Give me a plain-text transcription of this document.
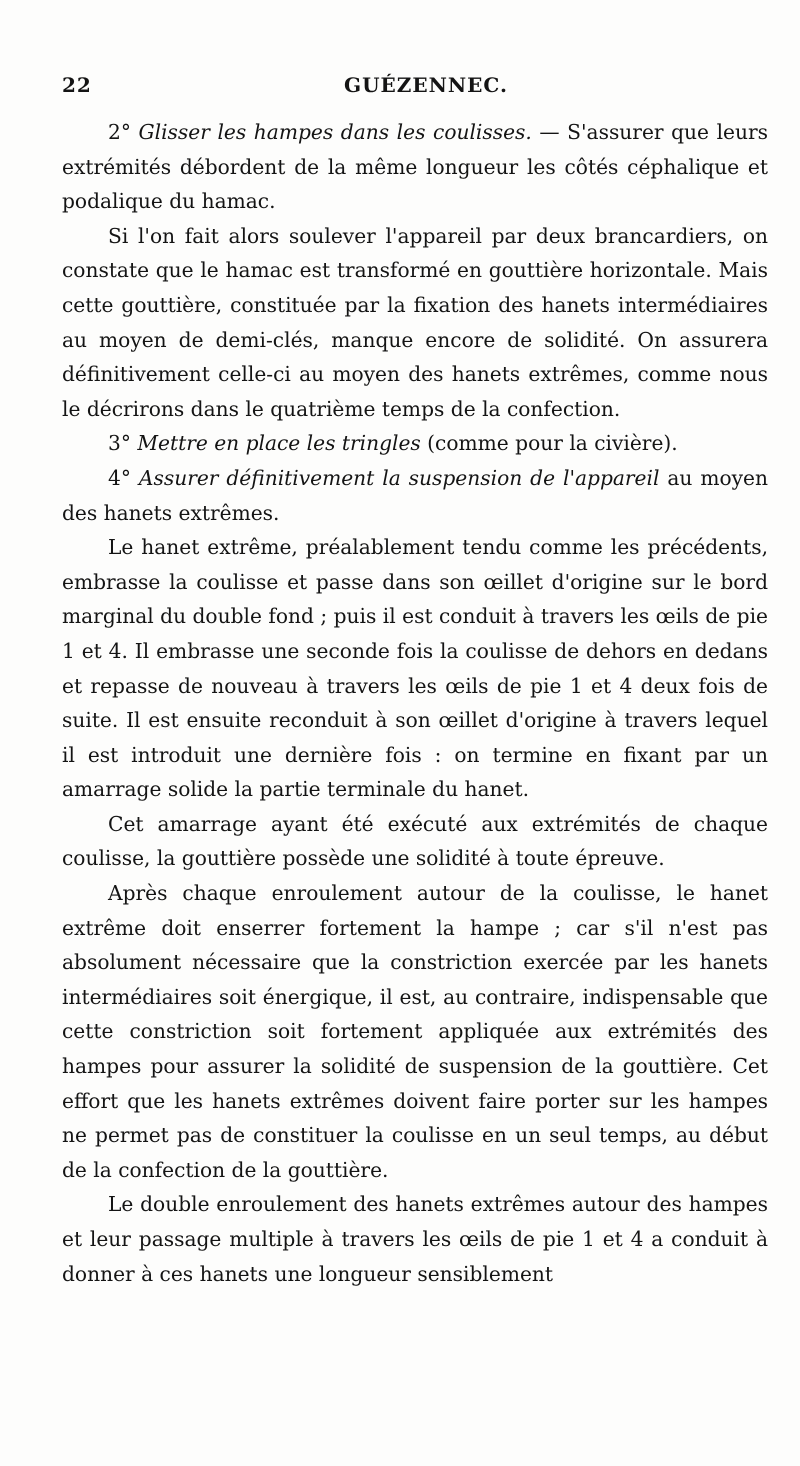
22	GUÉZENNEC.

2° Glisser les hampes dans les coulisses. — S'assurer que leurs extrémités débordent de la même longueur les côtés céphalique et podalique du hamac.

Si l'on fait alors soulever l'appareil par deux brancardiers, on constate que le hamac est transformé en gouttière horizontale. Mais cette gouttière, constituée par la fixation des hanets intermédiaires au moyen de demi-clés, manque encore de solidité. On assurera définitivement celle-ci au moyen des hanets extrêmes, comme nous le décrirons dans le quatrième temps de la confection.

3° Mettre en place les tringles (comme pour la civière).

4° Assurer définitivement la suspension de l'appareil au moyen des hanets extrêmes.

Le hanet extrême, préalablement tendu comme les précédents, embrasse la coulisse et passe dans son œillet d'origine sur le bord marginal du double fond ; puis il est conduit à travers les œils de pie 1 et 4. Il embrasse une seconde fois la coulisse de dehors en dedans et repasse de nouveau à travers les œils de pie 1 et 4 deux fois de suite. Il est ensuite reconduit à son œillet d'origine à travers lequel il est introduit une dernière fois : on termine en fixant par un amarrage solide la partie terminale du hanet.

Cet amarrage ayant été exécuté aux extrémités de chaque coulisse, la gouttière possède une solidité à toute épreuve.

Après chaque enroulement autour de la coulisse, le hanet extrême doit enserrer fortement la hampe ; car s'il n'est pas absolument nécessaire que la constriction exercée par les hanets intermédiaires soit énergique, il est, au contraire, indispensable que cette constriction soit fortement appliquée aux extrémités des hampes pour assurer la solidité de suspension de la gouttière. Cet effort que les hanets extrêmes doivent faire porter sur les hampes ne permet pas de constituer la coulisse en un seul temps, au début de la confection de la gouttière.

Le double enroulement des hanets extrêmes autour des hampes et leur passage multiple à travers les œils de pie 1 et 4 a conduit à donner à ces hanets une longueur sensiblement
